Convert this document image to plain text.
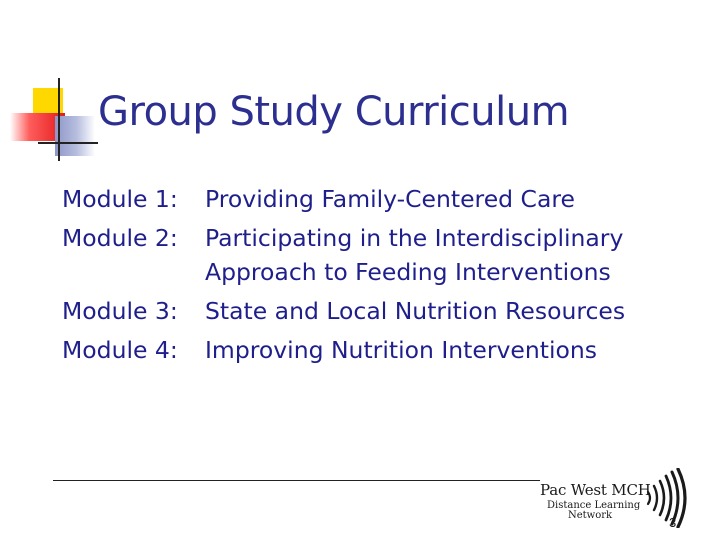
Group Study Curriculum
Module 1:	Providing Family-Centered Care
Module 2:	Participating in the Interdisciplinary
Approach to Feeding Interventions
Module 3:	State and Local Nutrition Resources
Module 4:	Improving Nutrition Interventions
Pac West MCH
Distance Learning
Network	3
